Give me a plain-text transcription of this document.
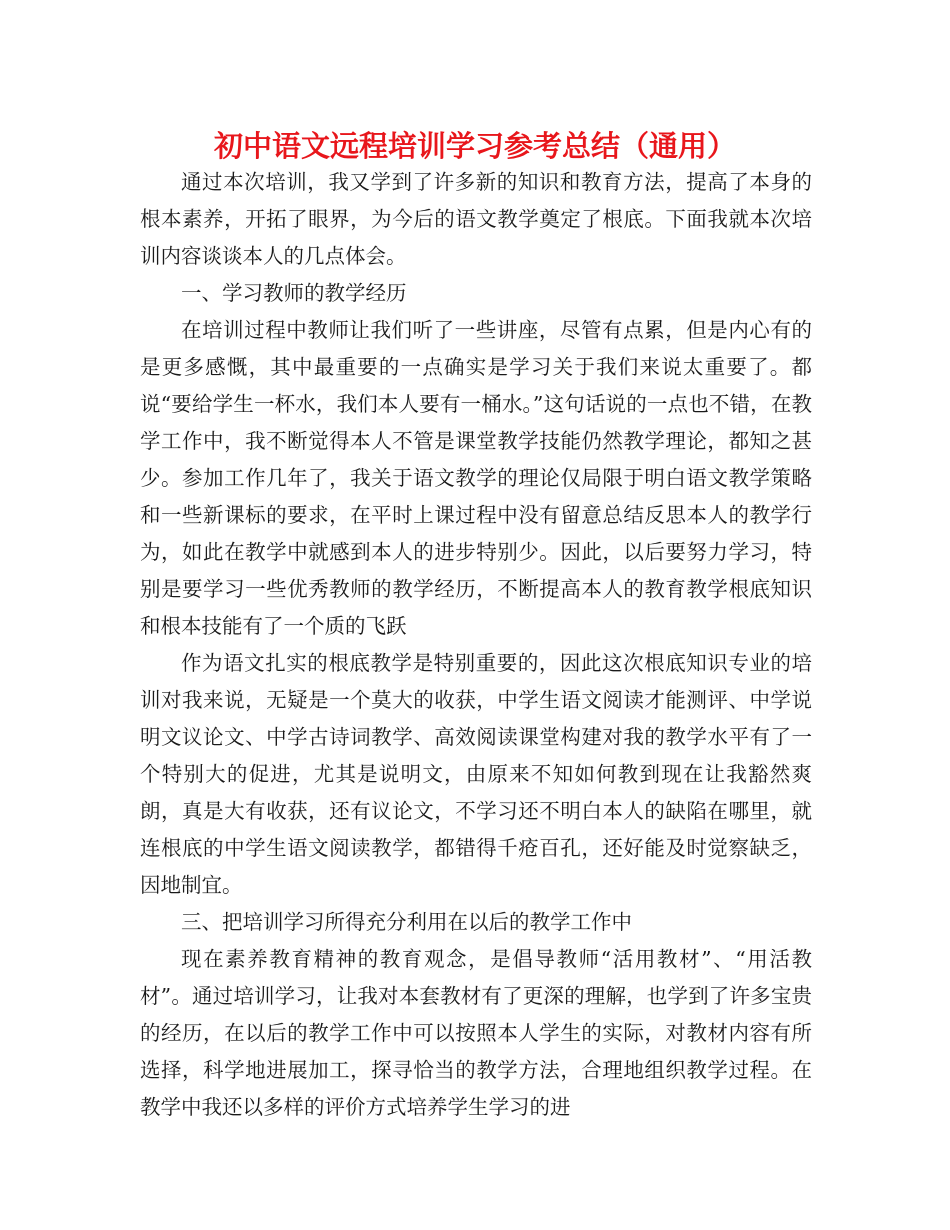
初中语文远程培训学习参考总结（通用）

通过本次培训，我又学到了许多新的知识和教育方法，提高了本身的根本素养，开拓了眼界，为今后的语文教学奠定了根底。下面我就本次培训内容谈谈本人的几点体会。

一、学习教师的教学经历

在培训过程中教师让我们听了一些讲座，尽管有点累，但是内心有的是更多感慨，其中最重要的一点确实是学习关于我们来说太重要了。都说“要给学生一杯水，我们本人要有一桶水。”这句话说的一点也不错，在教学工作中，我不断觉得本人不管是课堂教学技能仍然教学理论，都知之甚少。参加工作几年了，我关于语文教学的理论仅局限于明白语文教学策略和一些新课标的要求，在平时上课过程中没有留意总结反思本人的教学行为，如此在教学中就感到本人的进步特别少。因此，以后要努力学习，特别是要学习一些优秀教师的教学经历，不断提高本人的教育教学根底知识和根本技能有了一个质的飞跃

作为语文扎实的根底教学是特别重要的，因此这次根底知识专业的培训对我来说，无疑是一个莫大的收获，中学生语文阅读才能测评、中学说明文议论文、中学古诗词教学、高效阅读课堂构建对我的教学水平有了一个特别大的促进，尤其是说明文，由原来不知如何教到现在让我豁然爽朗，真是大有收获，还有议论文，不学习还不明白本人的缺陷在哪里，就连根底的中学生语文阅读教学，都错得千疮百孔，还好能及时觉察缺乏，因地制宜。

三、把培训学习所得充分利用在以后的教学工作中

现在素养教育精神的教育观念，是倡导教师“活用教材”、“用活教材”。通过培训学习，让我对本套教材有了更深的理解，也学到了许多宝贵的经历，在以后的教学工作中可以按照本人学生的实际，对教材内容有所选择，科学地进展加工，探寻恰当的教学方法，合理地组织教学过程。在教学中我还以多样的评价方式培养学生学习的进
